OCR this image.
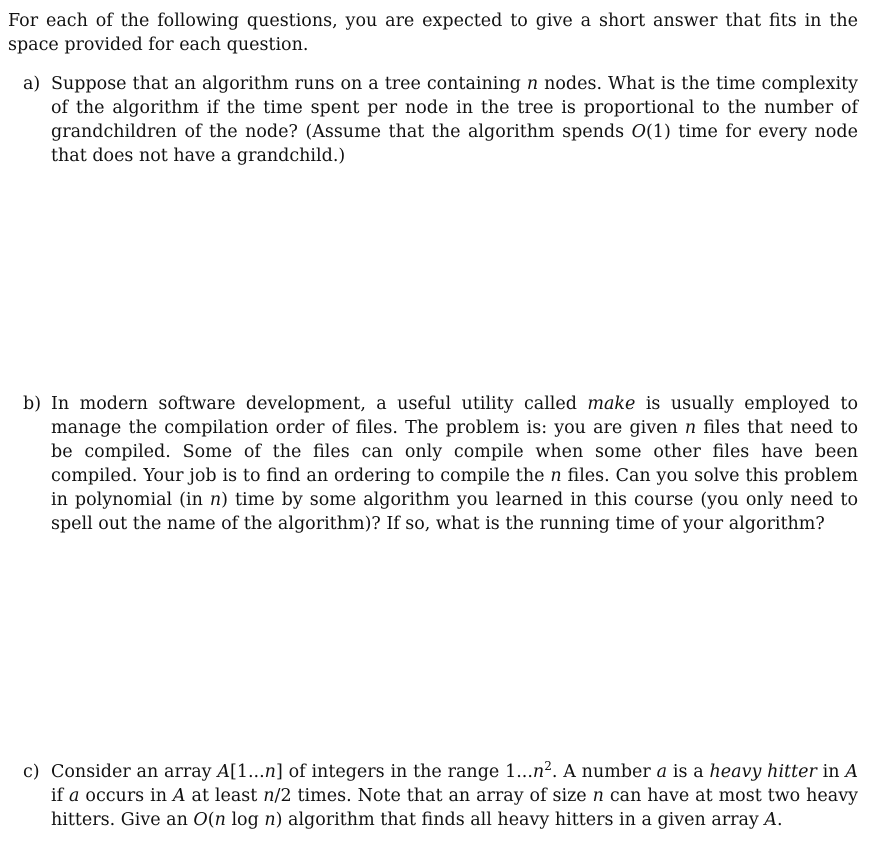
For each of the following questions, you are expected to give a short answer that fits in the space provided for each question.

a) Suppose that an algorithm runs on a tree containing n nodes. What is the time complexity of the algorithm if the time spent per node in the tree is proportional to the number of grandchildren of the node? (Assume that the algorithm spends O(1) time for every node that does not have a grandchild.)

b) In modern software development, a useful utility called make is usually employed to manage the compilation order of files. The problem is: you are given n files that need to be compiled. Some of the files can only compile when some other files have been compiled. Your job is to find an ordering to compile the n files. Can you solve this problem in polynomial (in n) time by some algorithm you learned in this course (you only need to spell out the name of the algorithm)? If so, what is the running time of your algorithm?

c) Consider an array A[1...n] of integers in the range $1...n^2$. A number a is a heavy hitter in A if a occurs in A at least n/2 times. Note that an array of size n can have at most two heavy hitters. Give an O(n log n) algorithm that finds all heavy hitters in a given array A.
